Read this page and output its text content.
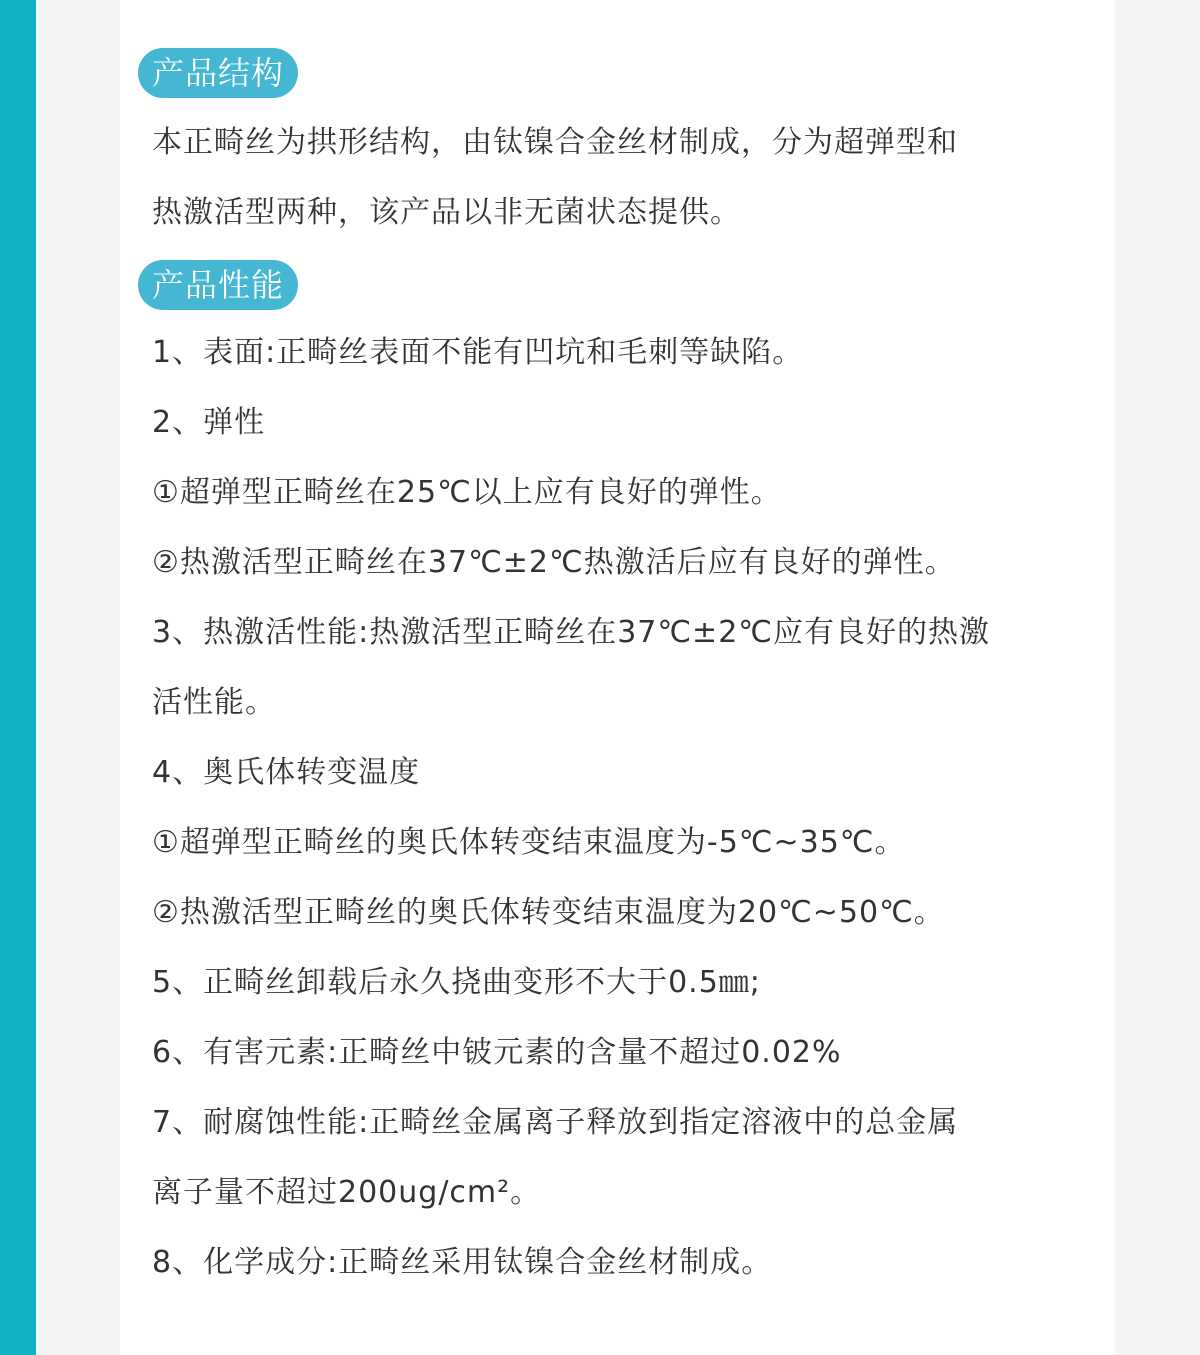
产品结构
本正畸丝为拱形结构，由钛镍合金丝材制成，分为超弹型和
热激活型两种，该产品以非无菌状态提供。
产品性能
1、表面:正畸丝表面不能有凹坑和毛刺等缺陷。
2、弹性
①超弹型正畸丝在25℃以上应有良好的弹性。
②热激活型正畸丝在37℃±2℃热激活后应有良好的弹性。
3、热激活性能:热激活型正畸丝在37℃±2℃应有良好的热激
活性能。
4、奥氏体转变温度
①超弹型正畸丝的奥氏体转变结束温度为-5℃~35℃。
②热激活型正畸丝的奥氏体转变结束温度为20℃~50℃。
5、正畸丝卸载后永久挠曲变形不大于0.5㎜;
6、有害元素:正畸丝中铍元素的含量不超过0.02%
7、耐腐蚀性能:正畸丝金属离子释放到指定溶液中的总金属
离子量不超过200ug/cm²。
8、化学成分:正畸丝采用钛镍合金丝材制成。
